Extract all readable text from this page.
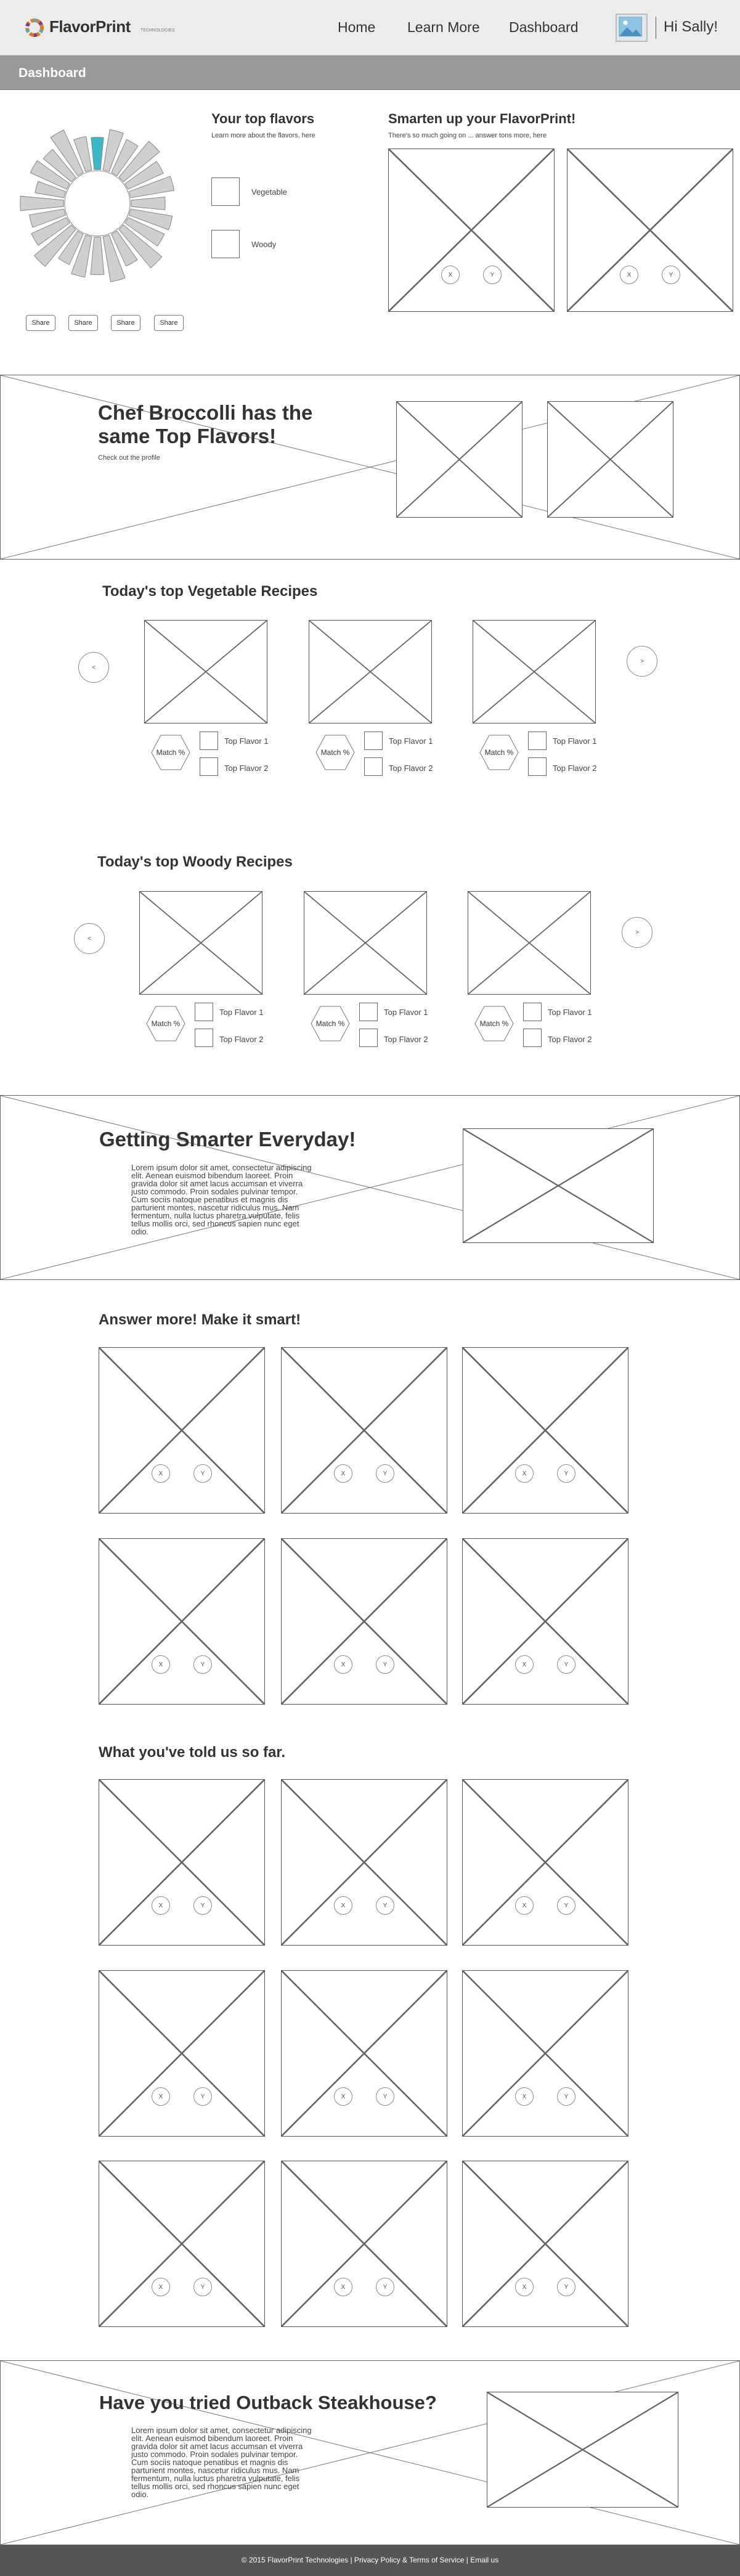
FlavorPrint TECHNOLOGIES	Home Learn More Dashboard	Hi Sally!
Dashboard
Share	Share	Share	Share
Your top flavors
Learn more about the flavors, here
Vegetable
Woody
Smarten up your FlavorPrint!
There's so much going on ... answer tons more, here
X	Y	X	Y
Chef Broccolli has the same Top Flavors!
Check out the profile
Today's top Vegetable Recipes
<
>
Match %
Top Flavor 1
Top Flavor 2
Match %
Top Flavor 1
Top Flavor 2
Match %
Top Flavor 1
Top Flavor 2
Today's top Woody Recipes
<
>
Match %
Top Flavor 1
Top Flavor 2
Match %
Top Flavor 1
Top Flavor 2
Match %
Top Flavor 1
Top Flavor 2
Getting Smarter Everyday!
Lorem ipsum dolor sit amet, consectetur adipiscing elit. Aenean euismod bibendum laoreet. Proin gravida dolor sit amet lacus accumsan et viverra justo commodo. Proin sodales pulvinar tempor. Cum sociis natoque penatibus et magnis dis parturient montes, nascetur ridiculus mus. Nam fermentum, nulla luctus pharetra vulputate, felis tellus mollis orci, sed rhoncus sapien nunc eget odio.
Answer more! Make it smart!
X	Y	X	Y	X	Y
X	Y	X	Y	X	Y
What you've told us so far.
X	Y	X	Y	X	Y
X	Y	X	Y	X	Y
X	Y	X	Y	X	Y
Have you tried Outback Steakhouse?
Lorem ipsum dolor sit amet, consectetur adipiscing elit. Aenean euismod bibendum laoreet. Proin gravida dolor sit amet lacus accumsan et viverra justo commodo. Proin sodales pulvinar tempor. Cum sociis natoque penatibus et magnis dis parturient montes, nascetur ridiculus mus. Nam fermentum, nulla luctus pharetra vulputate, felis tellus mollis orci, sed rhoncus sapien nunc eget odio.
© 2015 FlavorPrint Technologies | Privacy Policy & Terms of Service | Email us
